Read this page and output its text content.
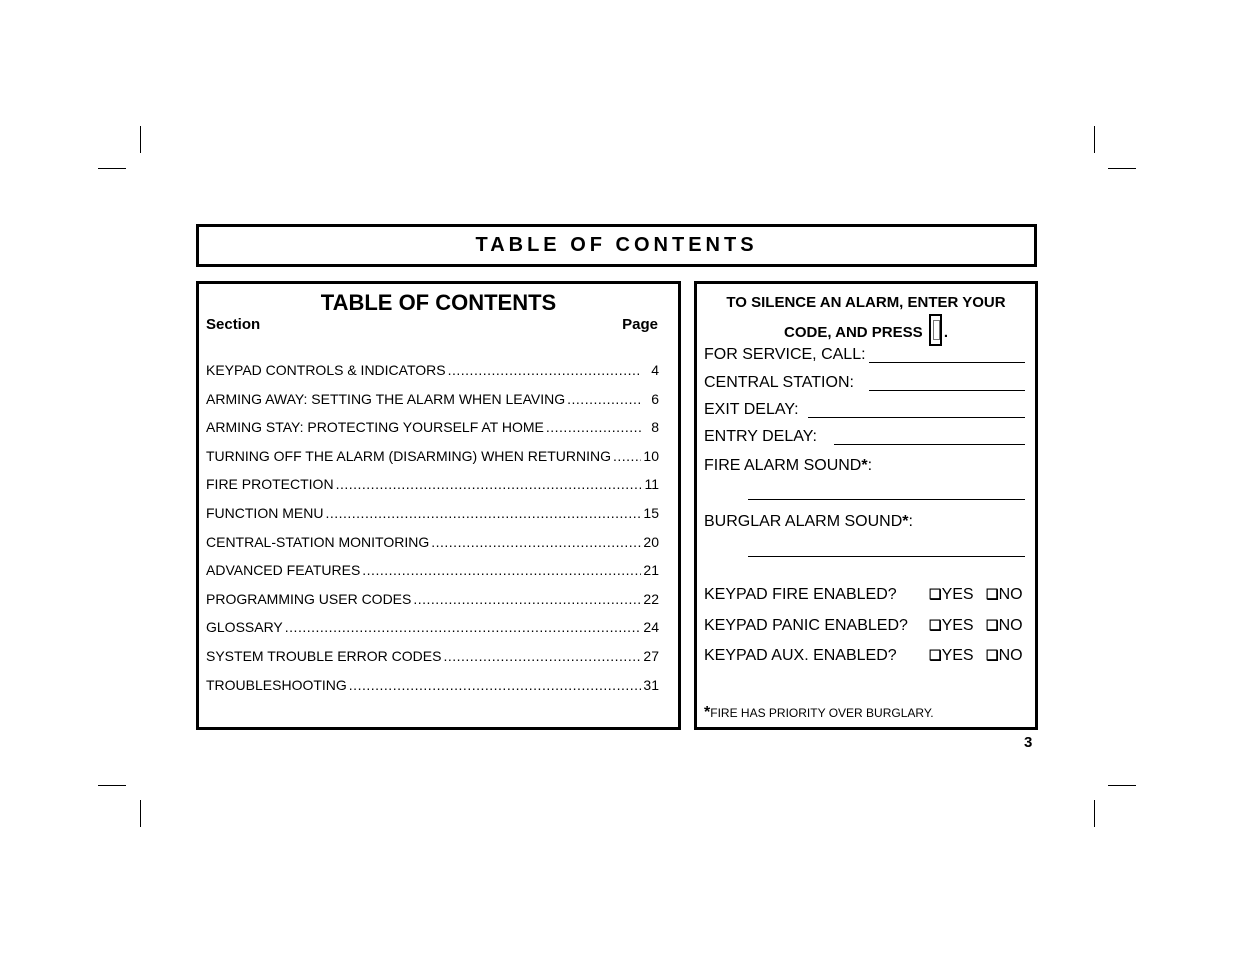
TABLE OF CONTENTS
TABLE OF CONTENTS
Section	Page
KEYPAD CONTROLS & INDICATORS .....	4
ARMING AWAY: SETTING THE ALARM WHEN LEAVING .....	6
ARMING STAY: PROTECTING YOURSELF AT HOME .....	8
TURNING OFF THE ALARM (DISARMING) WHEN RETURNING ..... 10
FIRE PROTECTION .....	11
FUNCTION MENU .....	15
CENTRAL-STATION MONITORING .....	20
ADVANCED FEATURES .....	21
PROGRAMMING USER CODES .....	22
GLOSSARY .....	24
SYSTEM TROUBLE ERROR CODES .....	27
TROUBLESHOOTING .....	31
TO SILENCE AN ALARM, ENTER YOUR
CODE, AND PRESS .
FOR SERVICE, CALL:
CENTRAL STATION:
EXIT DELAY:
ENTRY DELAY:
FIRE ALARM SOUND*:
BURGLAR ALARM SOUND*:
KEYPAD FIRE ENABLED? ❑YES ❑NO
KEYPAD PANIC ENABLED? ❑YES ❑NO
KEYPAD AUX. ENABLED? ❑YES ❑NO
*FIRE HAS PRIORITY OVER BURGLARY.
3
